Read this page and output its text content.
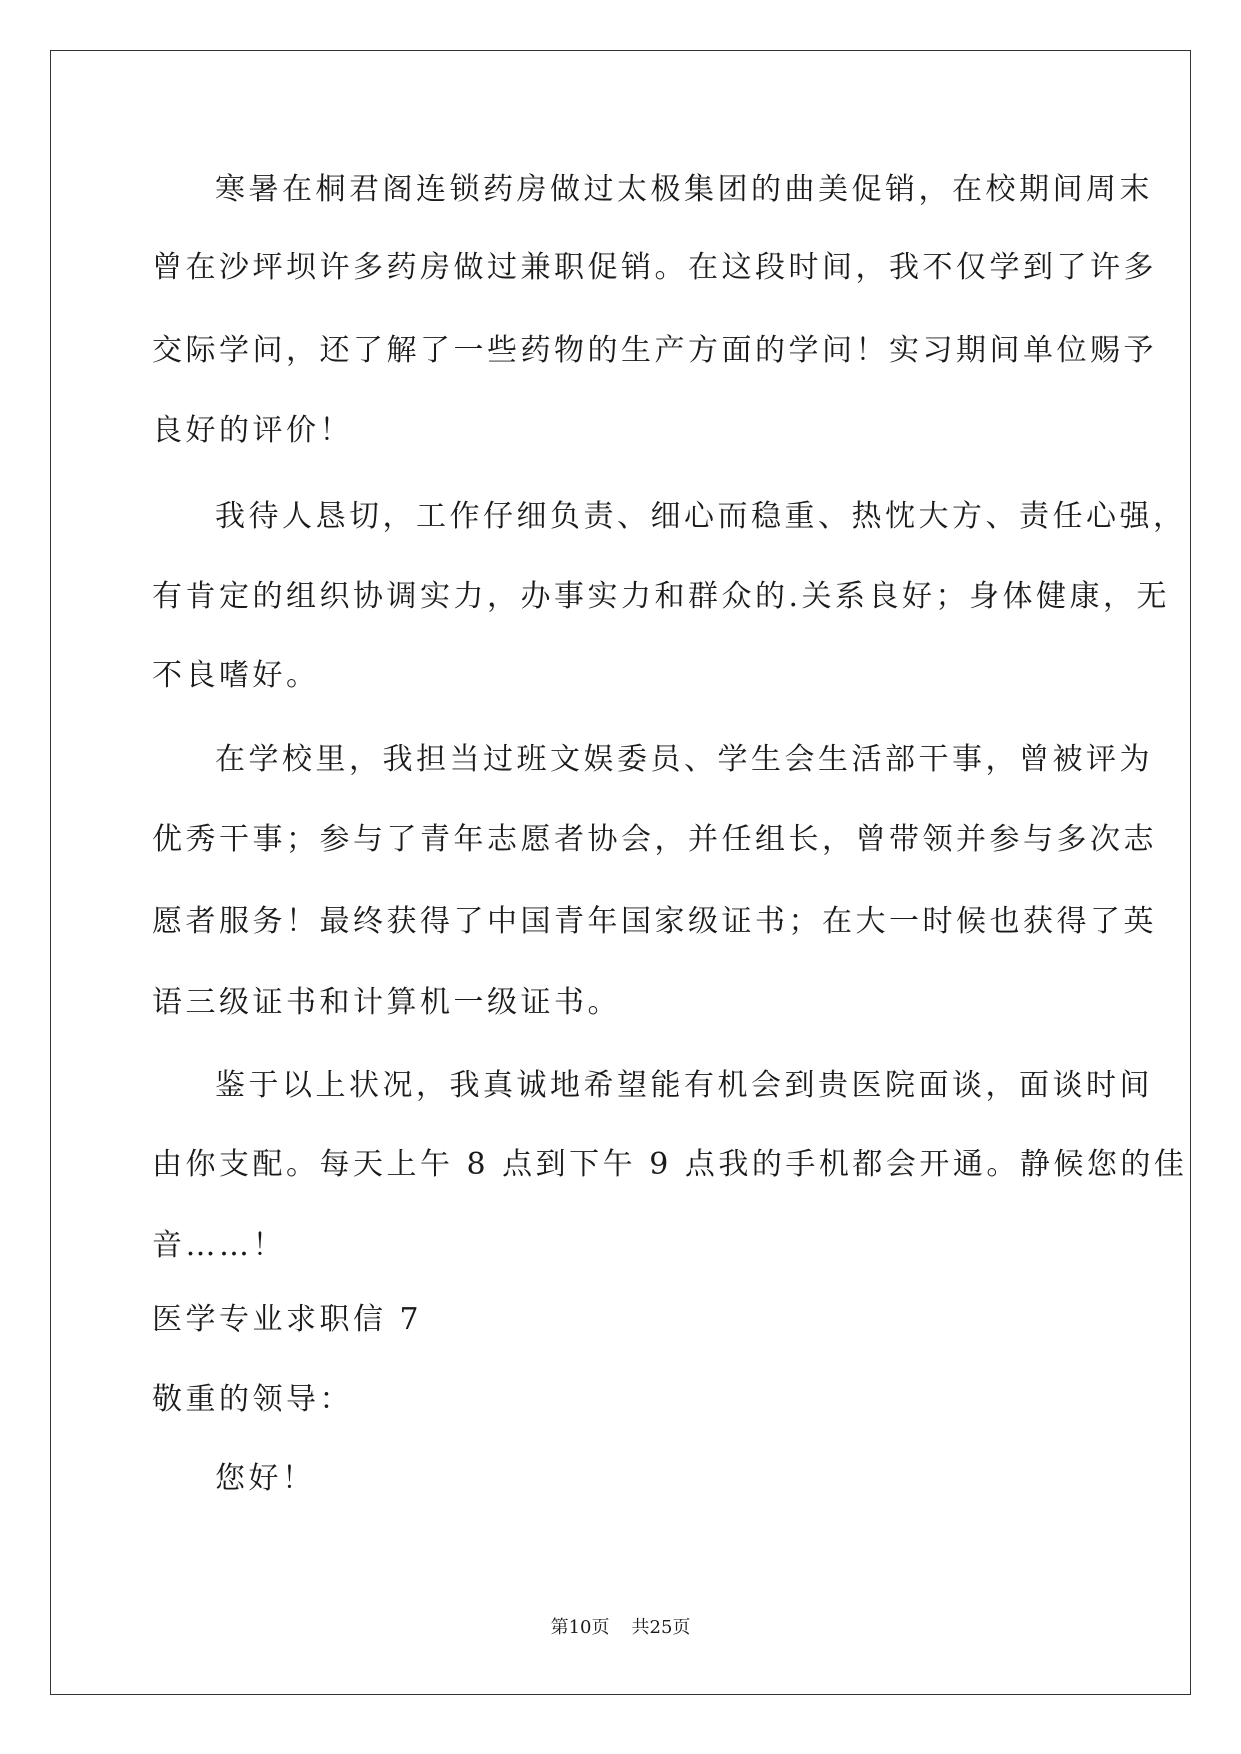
寒暑在桐君阁连锁药房做过太极集团的曲美促销，在校期间周末
曾在沙坪坝许多药房做过兼职促销。在这段时间，我不仅学到了许多
交际学问，还了解了一些药物的生产方面的学问！实习期间单位赐予
良好的评价！
我待人恳切，工作仔细负责、细心而稳重、热忱大方、责任心强，
有肯定的组织协调实力，办事实力和群众的.关系良好；身体健康，无
不良嗜好。
在学校里，我担当过班文娱委员、学生会生活部干事，曾被评为
优秀干事；参与了青年志愿者协会，并任组长，曾带领并参与多次志
愿者服务！最终获得了中国青年国家级证书；在大一时候也获得了英
语三级证书和计算机一级证书。
鉴于以上状况，我真诚地希望能有机会到贵医院面谈，面谈时间
由你支配。每天上午 8 点到下午 9 点我的手机都会开通。静候您的佳
音……！
医学专业求职信 7
敬重的领导：
您好！
第10页 共25页
